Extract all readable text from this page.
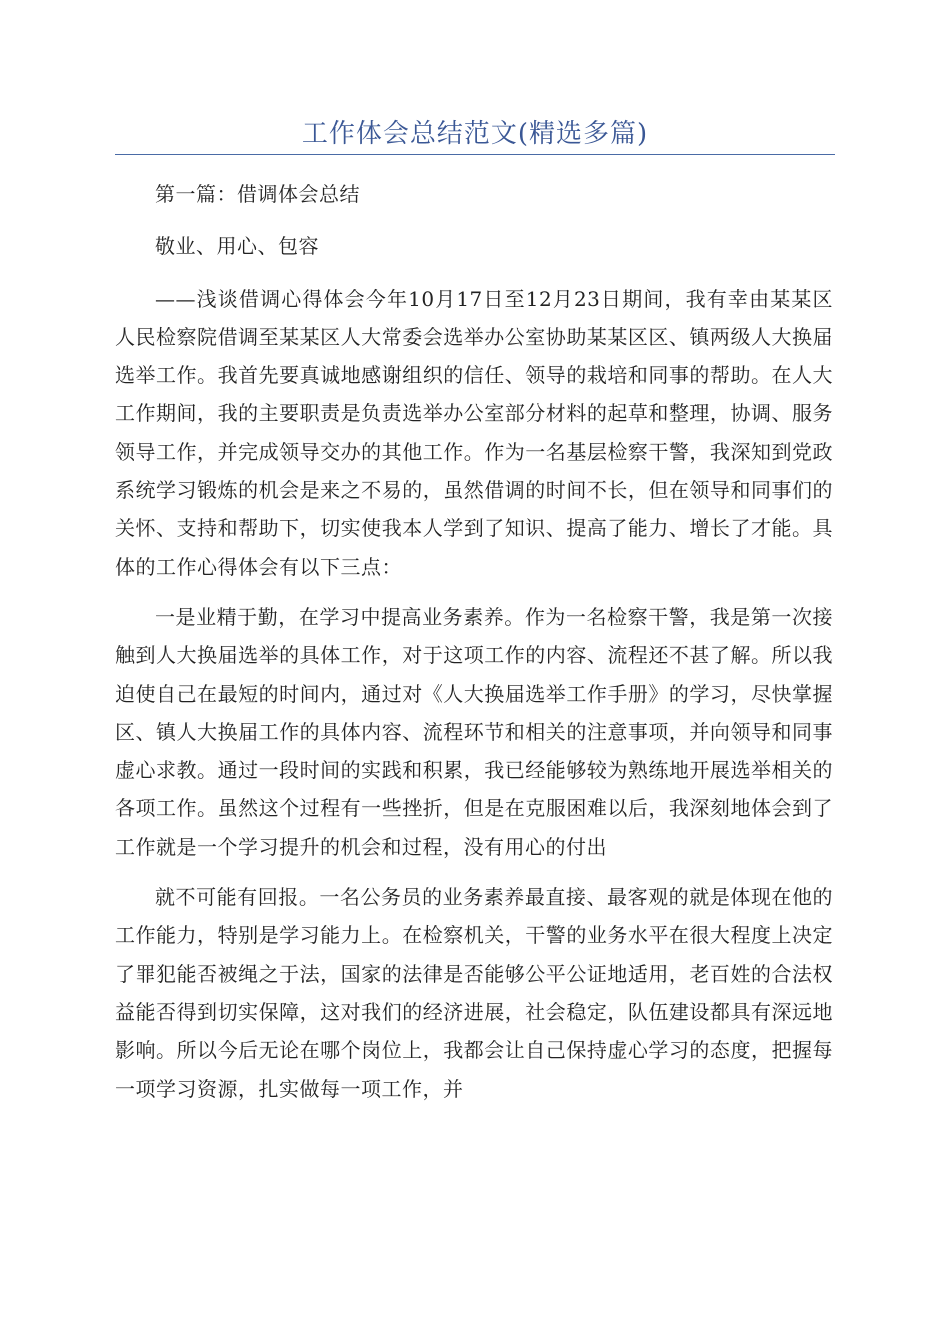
工作体会总结范文(精选多篇)

第一篇：借调体会总结

敬业、用心、包容

——浅谈借调心得体会今年10月17日至12月23日期间，我有幸由某某区人民检察院借调至某某区人大常委会选举办公室协助某某区区、镇两级人大换届选举工作。我首先要真诚地感谢组织的信任、领导的栽培和同事的帮助。在人大工作期间，我的主要职责是负责选举办公室部分材料的起草和整理，协调、服务领导工作，并完成领导交办的其他工作。作为一名基层检察干警，我深知到党政系统学习锻炼的机会是来之不易的，虽然借调的时间不长，但在领导和同事们的关怀、支持和帮助下，切实使我本人学到了知识、提高了能力、增长了才能。具体的工作心得体会有以下三点：

一是业精于勤，在学习中提高业务素养。作为一名检察干警，我是第一次接触到人大换届选举的具体工作，对于这项工作的内容、流程还不甚了解。所以我迫使自己在最短的时间内，通过对《人大换届选举工作手册》的学习，尽快掌握区、镇人大换届工作的具体内容、流程环节和相关的注意事项，并向领导和同事虚心求教。通过一段时间的实践和积累，我已经能够较为熟练地开展选举相关的各项工作。虽然这个过程有一些挫折，但是在克服困难以后，我深刻地体会到了工作就是一个学习提升的机会和过程，没有用心的付出

就不可能有回报。一名公务员的业务素养最直接、最客观的就是体现在他的工作能力，特别是学习能力上。在检察机关，干警的业务水平在很大程度上决定了罪犯能否被绳之于法，国家的法律是否能够公平公证地适用，老百姓的合法权益能否得到切实保障，这对我们的经济进展，社会稳定，队伍建设都具有深远地影响。所以今后无论在哪个岗位上，我都会让自己保持虚心学习的态度，把握每一项学习资源，扎实做每一项工作，并
